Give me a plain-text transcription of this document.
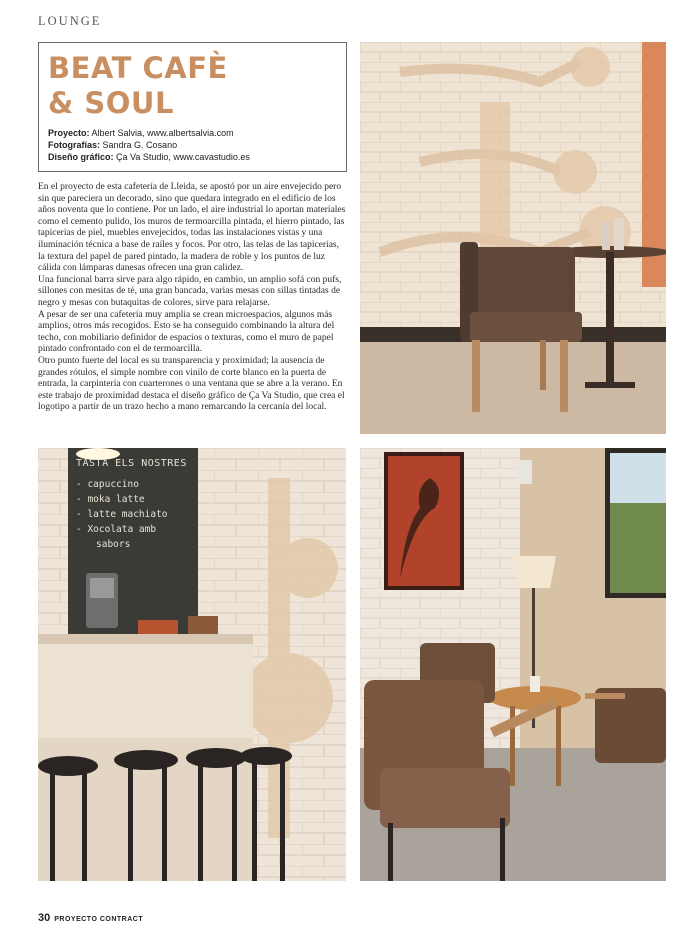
LOUNGE
BEAT CAFÈ
& SOUL
Proyecto: Albert Salvia, www.albertsalvia.com
Fotografías: Sandra G. Cosano
Diseño gráfico: Ça Va Studio, www.cavastudio.es

En el proyecto de esta cafetería de Lleida, se apostó por un aire envejecido pero sin que pareciera un decorado, sino que quedara integrado en el edificio de los años noventa que lo contiene. Por un lado, el aire industrial lo aportan materiales como el cemento pulido, los muros de termoarcilla pintada, el hierro pintado, las tapicerías de piel, muebles envejecidos, todas las instalaciones vistas y una iluminación técnica a base de raíles y focos. Por otro, las telas de las tapicerías, la textura del papel de pared pintado, la madera de roble y los puntos de luz cálida con lámparas danesas ofrecen una gran calidez.

Una funcional barra sirve para algo rápido, en cambio, un amplio sofá con pufs, sillones con mesitas de té, una gran bancada, varias mesas con sillas tintadas de negro y mesas con butaquitas de colores, sirve para relajarse.

A pesar de ser una cafetería muy amplia se crean microespacios, algunos más amplios, otros más recogidos. Esto se ha conseguido combinando la altura del techo, con mobiliario definidor de espacios o texturas, como el muro de papel pintado confrontado con el de termoarcilla.

Otro punto fuerte del local es su transparencia y proximidad; la ausencia de grandes rótulos, el simple nombre con vinilo de corte blanco en la puerta de entrada, la carpintería con cuarterones o una ventana que se abre a la verano. En este trabajo de proximidad destaca el diseño gráfico de Ça Va Studio, que crea el logotipo a partir de un trazo hecho a mano remarcando la cercanía del local.

TASTA ELS NOSTRES
- capuccino
- moka latte
- latte machiato
- Xocolata amb
sabors
30 PROYECTO CONTRACT
